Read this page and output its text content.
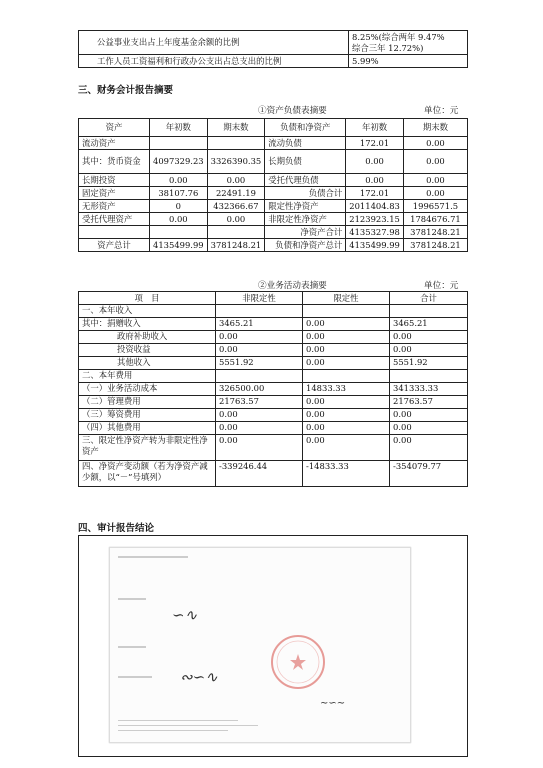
公益事业支出占上年度基金余额的比例	8.25%(综合两年 9.47%
综合三年 12.72%)

工作人员工资福利和行政办公支出占总支出的比例	5.99%
三、财务会计报告摘要
①资产负债表摘要	单位：元
资产	年初数	期末数	负债和净资产	年初数	期末数
流动资产			流动负债	172.01	0.00
其中：货币资金	4097329.23	3326390.35	长期负债	0.00	0.00
长期投资	0.00	0.00	受托代理负债	0.00	0.00
固定资产	38107.76	22491.19	负债合计	172.01	0.00
无形资产	0	432366.67	限定性净资产	2011404.83	1996571.5
受托代理资产	0.00	0.00	非限定性净资产	2123923.15	1784676.71
			净资产合计	4135327.98	3781248.21
资产总计	4135499.99	3781248.21	负债和净资产总计	4135499.99	3781248.21
②业务活动表摘要	单位：元
项　目	非限定性	限定性	合计
一、本年收入			
其中：捐赠收入	3465.21	0.00	3465.21
政府补助收入	0.00	0.00	0.00
投资收益	0.00	0.00	0.00
其他收入	5551.92	0.00	5551.92
二、本年费用			
（一）业务活动成本	326500.00	14833.33	341333.33
（二）管理费用	21763.57	0.00	21763.57
（三）筹资费用	0.00	0.00	0.00
（四）其他费用	0.00	0.00	0.00
三、限定性净资产转为非限定性净资产	0.00	0.00	0.00
四、净资产变动额（若为净资产减少额，以“－”号填列）	-339246.44	-14833.33	-354079.77
四、审计报告结论
∽∿
∾∽∿
∼∽∼
